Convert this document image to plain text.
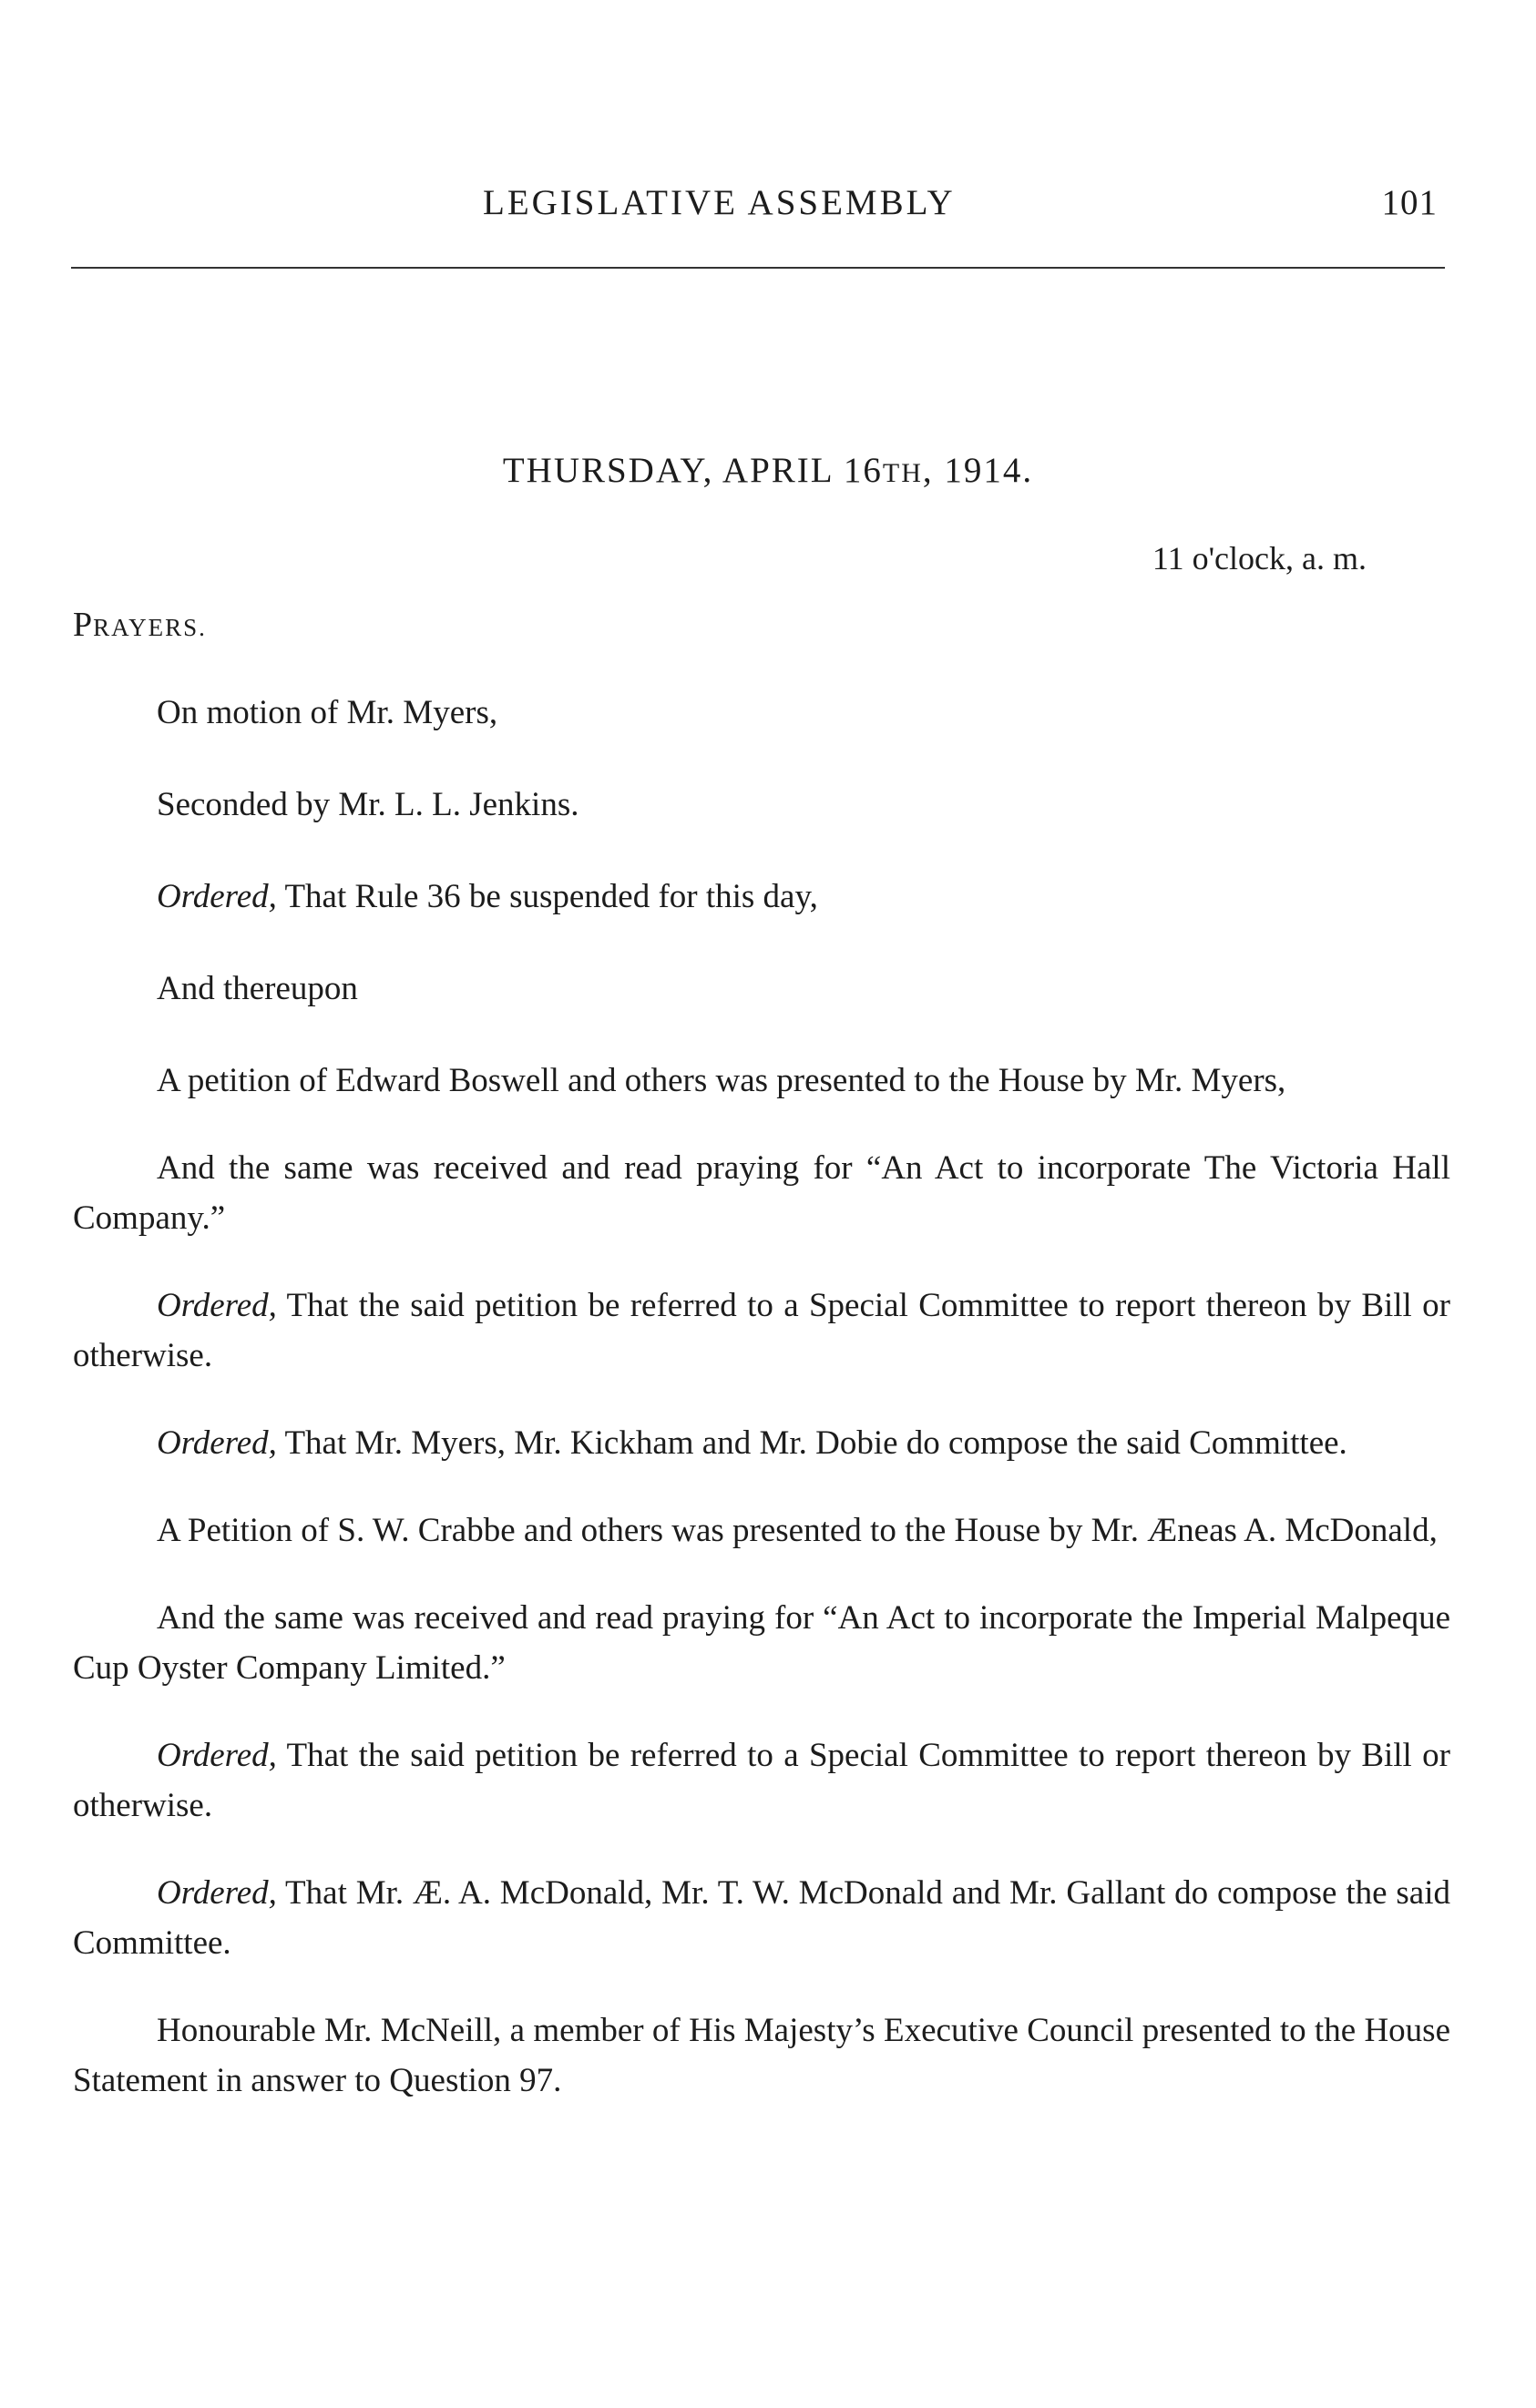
LEGISLATIVE ASSEMBLY	101
THURSDAY, APRIL 16TH, 1914.
11 o'clock, a. m.
PRAYERS.

On motion of Mr. Myers,

Seconded by Mr. L. L. Jenkins.

Ordered, That Rule 36 be suspended for this day,

And thereupon

A petition of Edward Boswell and others was presented to the House by Mr. Myers,

And the same was received and read praying for “An Act to incorporate The Victoria Hall Company.”

Ordered, That the said petition be referred to a Special Committee to report thereon by Bill or otherwise.

Ordered, That Mr. Myers, Mr. Kickham and Mr. Dobie do compose the said Committee.

A Petition of S. W. Crabbe and others was presented to the House by Mr. Æneas A. McDonald,

And the same was received and read praying for “An Act to incorporate the Imperial Malpeque Cup Oyster Company Limited.”

Ordered, That the said petition be referred to a Special Committee to report thereon by Bill or otherwise.

Ordered, That Mr. Æ. A. McDonald, Mr. T. W. McDonald and Mr. Gallant do compose the said Committee.

Honourable Mr. McNeill, a member of His Majesty’s Executive Council presented to the House Statement in answer to Question 97.
